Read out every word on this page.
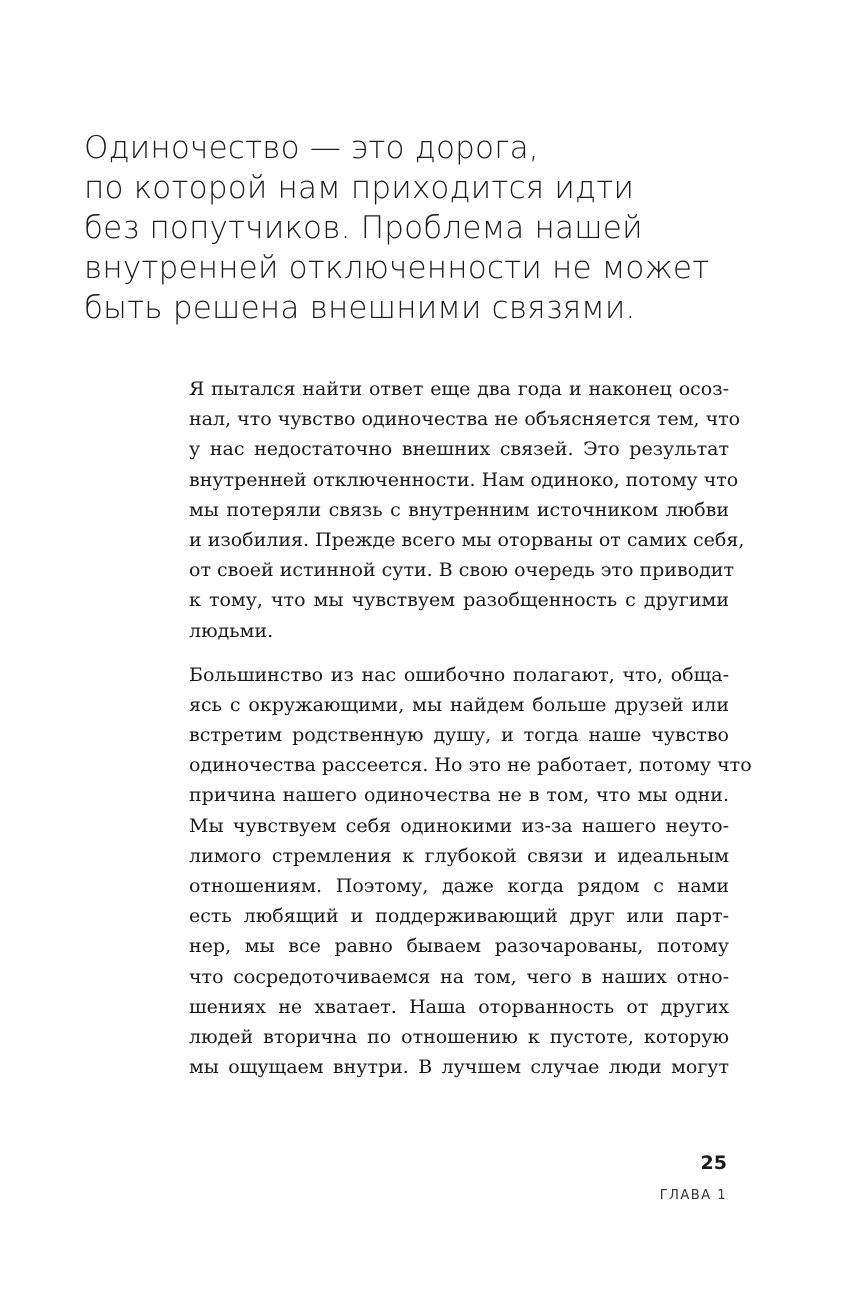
Одиночество — это дорога,
по которой нам приходится идти
без попутчиков. Проблема нашей
внутренней отключенности не может
быть решена внешними связями.
Я пытался найти ответ еще два года и наконец осоз-
нал, что чувство одиночества не объясняется тем, что
у нас недостаточно внешних связей. Это результат
внутренней отключенности. Нам одиноко, потому что
мы потеряли связь с внутренним источником любви
и изобилия. Прежде всего мы оторваны от самих себя,
от своей истинной сути. В свою очередь это приводит
к тому, что мы чувствуем разобщенность с другими
людьми.
Большинство из нас ошибочно полагают, что, обща-
ясь с окружающими, мы найдем больше друзей или
встретим родственную душу, и тогда наше чувство
одиночества рассеется. Но это не работает, потому что
причина нашего одиночества не в том, что мы одни.
Мы чувствуем себя одинокими из-за нашего неуто-
лимого стремления к глубокой связи и идеальным
отношениям. Поэтому, даже когда рядом с нами
есть любящий и поддерживающий друг или парт-
нер, мы все равно бываем разочарованы, потому
что сосредоточиваемся на том, чего в наших отно-
шениях не хватает. Наша оторванность от других
людей вторична по отношению к пустоте, которую
мы ощущаем внутри. В лучшем случае люди могут
25
ГЛАВА 1
